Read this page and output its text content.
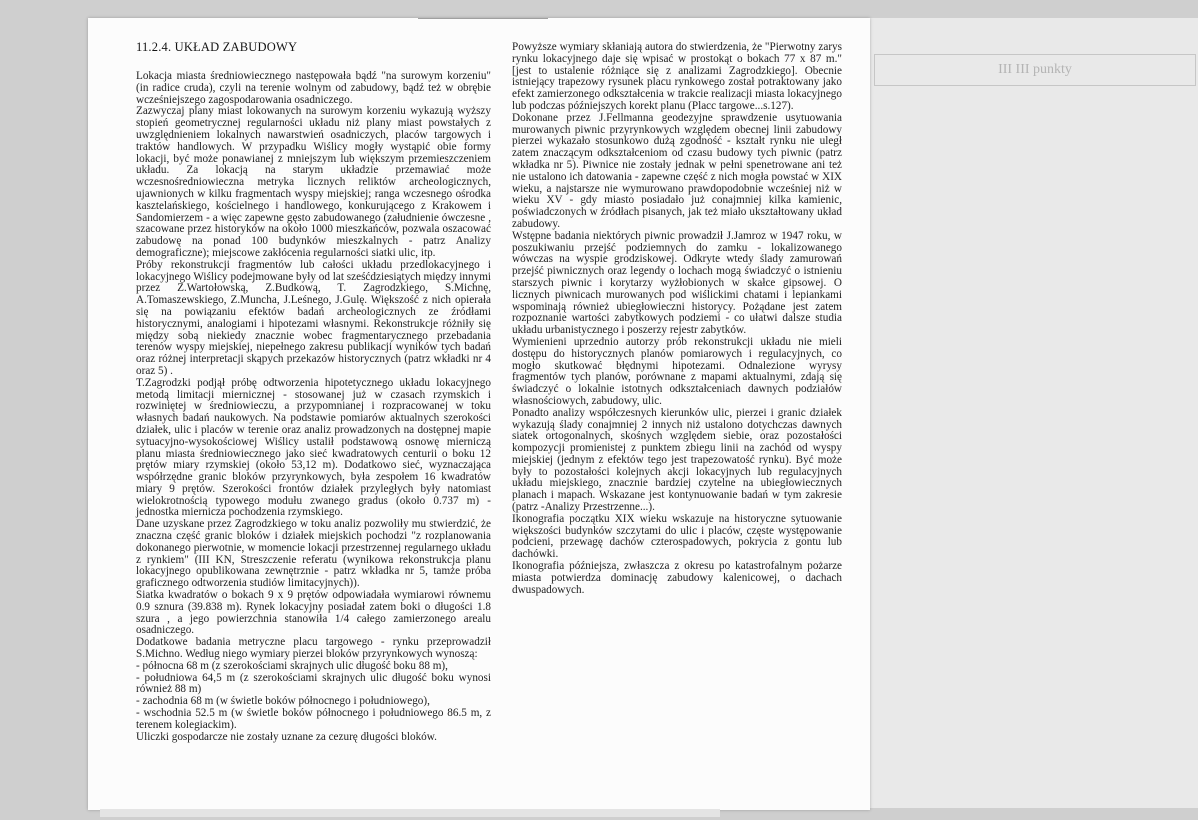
III III punkty
11.2.4. UKŁAD ZABUDOWY

Lokacja miasta średniowiecznego następowała bądź "na surowym korzeniu" (in radice cruda), czyli na terenie wolnym od zabudowy, bądź też w obrębie wcześniejszego zagospodarowania osadniczego.

Zazwyczaj plany miast lokowanych na surowym korzeniu wykazują wyższy stopień geometrycznej regularności układu niż plany miast powstałych z uwzględnieniem lokalnych nawarstwień osadniczych, placów targowych i traktów handlowych. W przypadku Wiślicy mogły wystąpić obie formy lokacji, być może ponawianej z mniejszym lub większym przemieszczeniem układu. Za lokacją na starym układzie przemawiać może wczesnośredniowieczna metryka licznych reliktów archeologicznych, ujawnionych w kilku fragmentach wyspy miejskiej; ranga wczesnego ośrodka kasztelańskiego, kościelnego i handlowego, konkurującego z Krakowem i Sandomierzem - a więc zapewne gęsto zabudowanego (załudnienie ówczesne , szacowane przez historyków na około 1000 mieszkańców, pozwala oszacować zabudowę na ponad 100 budynków mieszkalnych - patrz Analizy demograficzne); miejscowe zakłócenia regularności siatki ulic, itp.

Próby rekonstrukcji fragmentów lub całości układu przedlokacyjnego i lokacyjnego Wiślicy podejmowane były od lat sześćdziesiątych między innymi przez Z.Wartołowską, Z.Budkową, T. Zagrodzkiego, S.Michnę, A.Tomaszewskiego, Z.Muncha, J.Leśnego, J.Gulę. Większość z nich opierała się na powiązaniu efektów badań archeologicznych ze źródłami historycznymi, analogiami i hipotezami własnymi. Rekonstrukcje różniły się między sobą niekiedy znacznie wobec fragmentarycznego przebadania terenów wyspy miejskiej, niepełnego zakresu publikacji wyników tych badań oraz różnej interpretacji skąpych przekazów historycznych (patrz wkładki nr 4 oraz 5) .

T.Zagrodzki podjął próbę odtworzenia hipotetycznego układu lokacyjnego metodą limitacji miernicznej - stosowanej już w czasach rzymskich i rozwiniętej w średniowieczu, a przypomnianej i rozpracowanej w toku własnych badań naukowych. Na podstawie pomiarów aktualnych szerokości działek, ulic i placów w terenie oraz analiz prowadzonych na dostępnej mapie sytuacyjno-wysokościowej Wiślicy ustalił podstawową osnowę mierniczą planu miasta średniowiecznego jako sieć kwadratowych centurii o boku 12 prętów miary rzymskiej (około 53,12 m). Dodatkowo sieć, wyznaczająca współrzędne granic bloków przyrynkowych, była zespołem 16 kwadratów miary 9 prętów. Szerokości frontów działek przyległych były natomiast wielokrotnością typowego modułu zwanego gradus (około 0.737 m) - jednostka miernicza pochodzenia rzymskiego.

Dane uzyskane przez Zagrodzkiego w toku analiz pozwoliły mu stwierdzić, że znaczna część granic bloków i działek miejskich pochodzi "z rozplanowania dokonanego pierwotnie, w momencie lokacji przestrzennej regularnego układu z rynkiem" (III KN, Streszczenie referatu (wynikowa rekonstrukcja planu lokacyjnego opublikowana zewnętrznie - patrz wkładka nr 5, tamże próba graficznego odtworzenia studiów limitacyjnych)).

Siatka kwadratów o bokach 9 x 9 prętów odpowiadała wymiarowi równemu 0.9 sznura (39.838 m). Rynek lokacyjny posiadał zatem boki o długości 1.8 szura , a jego powierzchnia stanowiła 1/4 całego zamierzonego arealu osadniczego.

Dodatkowe badania metryczne placu targowego - rynku przeprowadził S.Michno. Według niego wymiary pierzei bloków przyrynkowych wynoszą:

- północna 68 m (z szerokościami skrajnych ulic długość boku 88 m),

- południowa 64,5 m (z szerokościami skrajnych ulic długość boku wynosi również 88 m)

- zachodnia 68 m (w świetle boków północnego i południowego),

- wschodnia 52.5 m (w świetle boków północnego i południowego 86.5 m, z terenem kolegiackim).

Uliczki gospodarcze nie zostały uznane za cezurę długości bloków.

Powyższe wymiary skłaniają autora do stwierdzenia, że "Pierwotny zarys rynku lokacyjnego daje się wpisać w prostokąt o bokach 77 x 87 m." [jest to ustalenie różniące się z analizami Zagrodzkiego]. Obecnie istniejący trapezowy rysunek placu rynkowego został potraktowany jako efekt zamierzonego odkształcenia w trakcie realizacji miasta lokacyjnego lub podczas późniejszych korekt planu (Placc targowe...s.127).

Dokonane przez J.Fellmanna geodezyjne sprawdzenie usytuowania murowanych piwnic przyrynkowych względem obecnej linii zabudowy pierzei wykazało stosunkowo dużą zgodność - kształt rynku nie uległ zatem znaczącym odkształceniom od czasu budowy tych piwnic (patrz wkładka nr 5). Piwnice nie zostały jednak w pełni spenetrowane ani też nie ustalono ich datowania - zapewne część z nich mogła powstać w XIX wieku, a najstarsze nie wymurowano prawdopodobnie wcześniej niż w wieku XV - gdy miasto posiadało już conajmniej kilka kamienic, poświadczonych w źródłach pisanych, jak też miało ukształtowany układ zabudowy.

Wstępne badania niektórych piwnic prowadził J.Jamroz w 1947 roku, w poszukiwaniu przejść podziemnych do zamku - lokalizowanego wówczas na wyspie grodziskowej. Odkryte wtedy ślady zamurowań przejść piwnicznych oraz legendy o lochach mogą świadczyć o istnieniu starszych piwnic i korytarzy wyżłobionych w skałce gipsowej. O licznych piwnicach murowanych pod wiślickimi chatami i lepiankami wspominają również ubiegłowieczni historycy. Pożądane jest zatem rozpoznanie wartości zabytkowych podziemi - co ułatwi dalsze studia układu urbanistycznego i poszerzy rejestr zabytków.

Wymienieni uprzednio autorzy prób rekonstrukcji układu nie mieli dostępu do historycznych planów pomiarowych i regulacyjnych, co mogło skutkować błędnymi hipotezami. Odnalezione wyrysy fragmentów tych planów, porównane z mapami aktualnymi, zdają się świadczyć o lokalnie istotnych odkształceniach dawnych podziałów własnościowych, zabudowy, ulic.

Ponadto analizy współczesnych kierunków ulic, pierzei i granic działek wykazują ślady conajmniej 2 innych niż ustalono dotychczas dawnych siatek ortogonalnych, skośnych względem siebie, oraz pozostałości kompozycji promienistej z punktem zbiegu linii na zachód od wyspy miejskiej (jednym z efektów tego jest trapezowatość rynku). Być może były to pozostałości kolejnych akcji lokacyjnych lub regulacyjnych układu miejskiego, znacznie bardziej czytelne na ubiegłowiecznych planach i mapach. Wskazane jest kontynuowanie badań w tym zakresie (patrz -Analizy Przestrzenne...).

Ikonografia początku XIX wieku wskazuje na historyczne sytuowanie większości budynków szczytami do ulic i placów, częste występowanie podcieni, przewagę dachów czterospadowych, pokrycia z gontu lub dachówki.

Ikonografia późniejsza, zwłaszcza z okresu po katastrofalnym pożarze miasta potwierdza dominację zabudowy kalenicowej, o dachach dwuspadowych.
